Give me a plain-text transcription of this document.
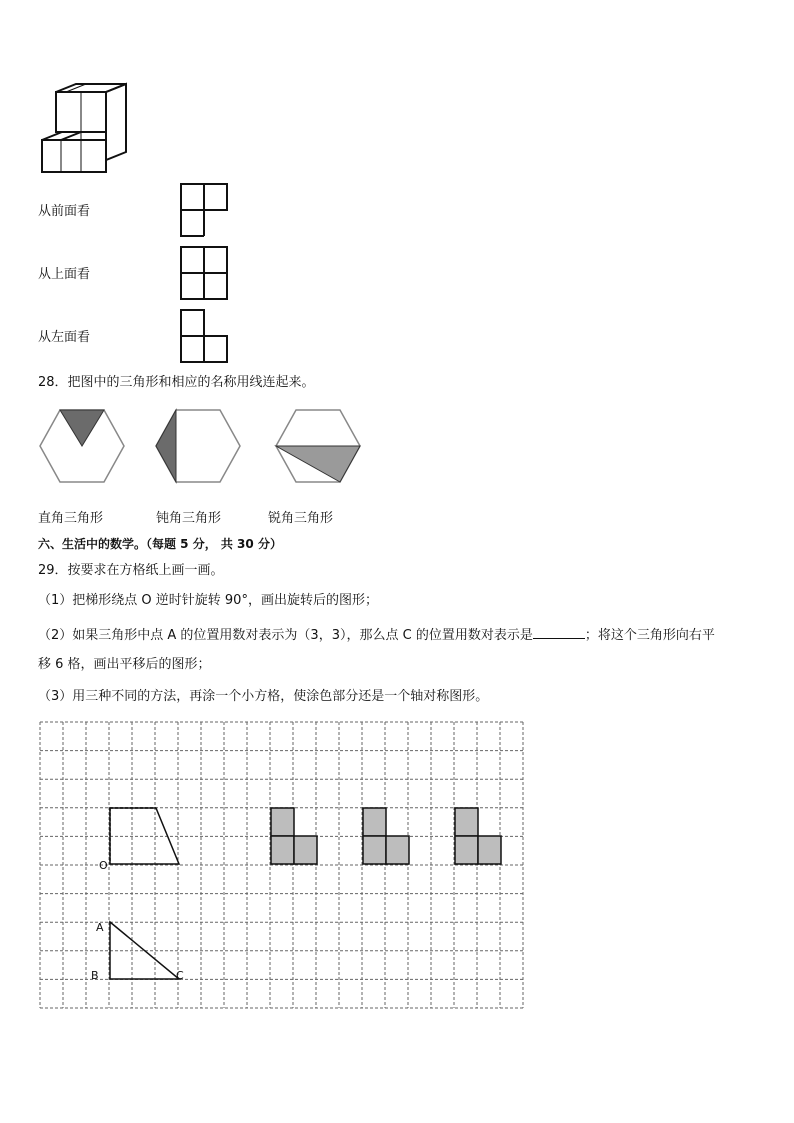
从前面看
从上面看
从左面看
28．把图中的三角形和相应的名称用线连起来。
直角三角形	钝角三角形	锐角三角形
六、生活中的数学。（每题 5 分， 共 30 分）
29．按要求在方格纸上画一画。
（1）把梯形绕点 O 逆时针旋转 90°，画出旋转后的图形；
（2）如果三角形中点 A 的位置用数对表示为（3，3），那么点 C 的位置用数对表示是	；将这个三角形向右平
移 6 格，画出平移后的图形；
（3）用三种不同的方法，再涂一个小方格，使涂色部分还是一个轴对称图形。
O
A
B	C
